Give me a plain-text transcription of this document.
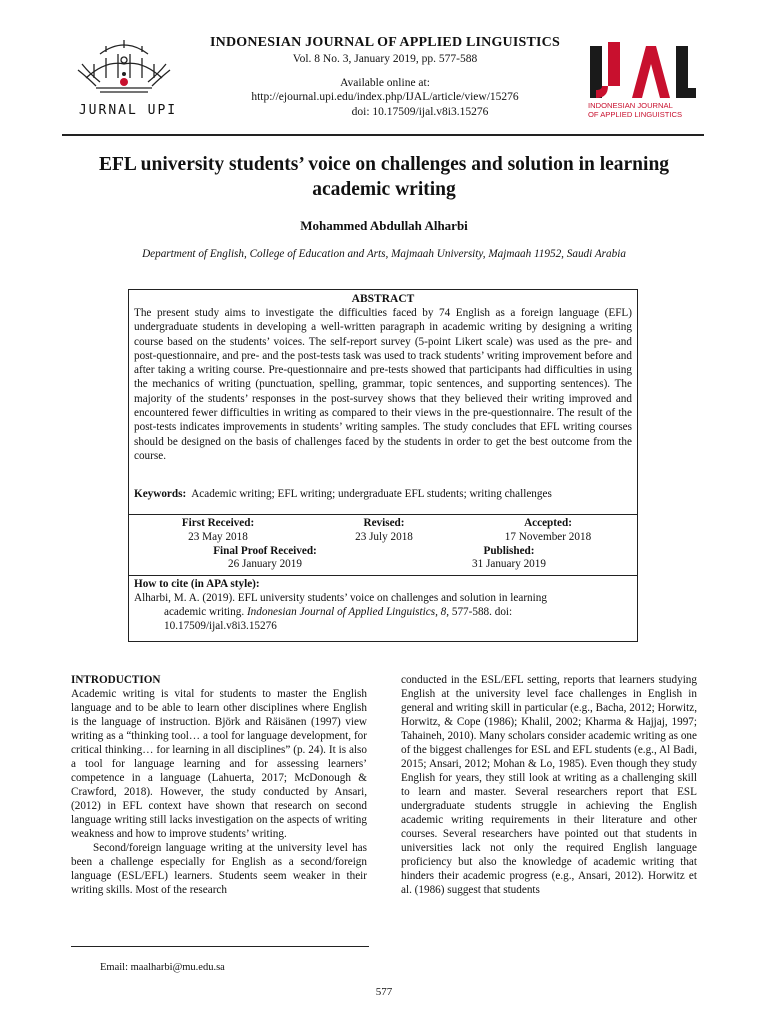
JURNAL UPI
INDONESIAN JOURNAL OF APPLIED LINGUISTICS
Vol. 8 No. 3, January 2019, pp. 577-588
Available online at:
http://ejournal.upi.edu/index.php/IJAL/article/view/15276
doi: 10.17509/ijal.v8i3.15276
INDONESIAN JOURNAL
OF APPLIED LINGUISTICS
EFL university students’ voice on challenges and solution in learning academic writing
Mohammed Abdullah Alharbi
Department of English, College of Education and Arts, Majmaah University, Majmaah 11952, Saudi Arabia
ABSTRACT
The present study aims to investigate the difficulties faced by 74 English as a foreign language (EFL) undergraduate students in developing a well-written paragraph in academic writing by designing a writing course based on the students’ voices. The self-report survey (5-point Likert scale) was used as the pre- and post-questionnaire, and pre- and the post-tests task was used to track students’ writing improvement before and after taking a writing course. Pre-questionnaire and pre-tests showed that participants had difficulties in using the mechanics of writing (punctuation, spelling, grammar, topic sentences, and supporting sentences). The majority of the students’ responses in the post-survey shows that they believed their writing improved and encountered fewer difficulties in writing as compared to their views in the pre-questionnaire. The result of the post-tests indicates improvements in students’ writing samples. The study concludes that EFL writing courses should be designed on the basis of challenges faced by the students in order to get the best outcome from the course.
Keywords: Academic writing; EFL writing; undergraduate EFL students; writing challenges
First Received:
23 May 2018
Revised:
23 July 2018
Accepted:
17 November 2018
Final Proof Received:
26 January 2019
Published:
31 January 2019
How to cite (in APA style):
Alharbi, M. A. (2019). EFL university students’ voice on challenges and solution in learning
academic writing. Indonesian Journal of Applied Linguistics, 8, 577-588. doi:
10.17509/ijal.v8i3.15276
INTRODUCTION
Academic writing is vital for students to master the English language and to be able to learn other disciplines where English is the language of instruction. Björk and Räisänen (1997) view writing as a “thinking tool… a tool for language development, for critical thinking… for learning in all disciplines” (p. 24). It is also a tool for language learning and for assessing learners’ competence in a language (Lahuerta, 2017; McDonough & Crawford, 2018). However, the study conducted by Ansari, (2012) in EFL context have shown that research on second language writing still lacks investigation on the aspects of writing weakness and how to improve students’ writing.
Second/foreign language writing at the university level has been a challenge especially for English as a second/foreign language (ESL/EFL) learners. Students seem weaker in their writing skills. Most of the research
conducted in the ESL/EFL setting, reports that learners studying English at the university level face challenges in English in general and writing skill in particular (e.g., Bacha, 2012; Horwitz, Horwitz, & Cope (1986); Khalil, 2002; Kharma & Hajjaj, 1997; Tahaineh, 2010). Many scholars consider academic writing as one of the biggest challenges for ESL and EFL students (e.g., Al Badi, 2015; Ansari, 2012; Mohan & Lo, 1985). Even though they study English for years, they still look at writing as a challenging skill to learn and master. Several researchers report that ESL undergraduate students struggle in achieving the English academic writing requirements in their literature and other courses. Several researchers have pointed out that students in universities lack not only the required English language proficiency but also the knowledge of academic writing that hinders their academic progress (e.g., Ansari, 2012). Horwitz et al. (1986) suggest that students
Email: maalharbi@mu.edu.sa
577
